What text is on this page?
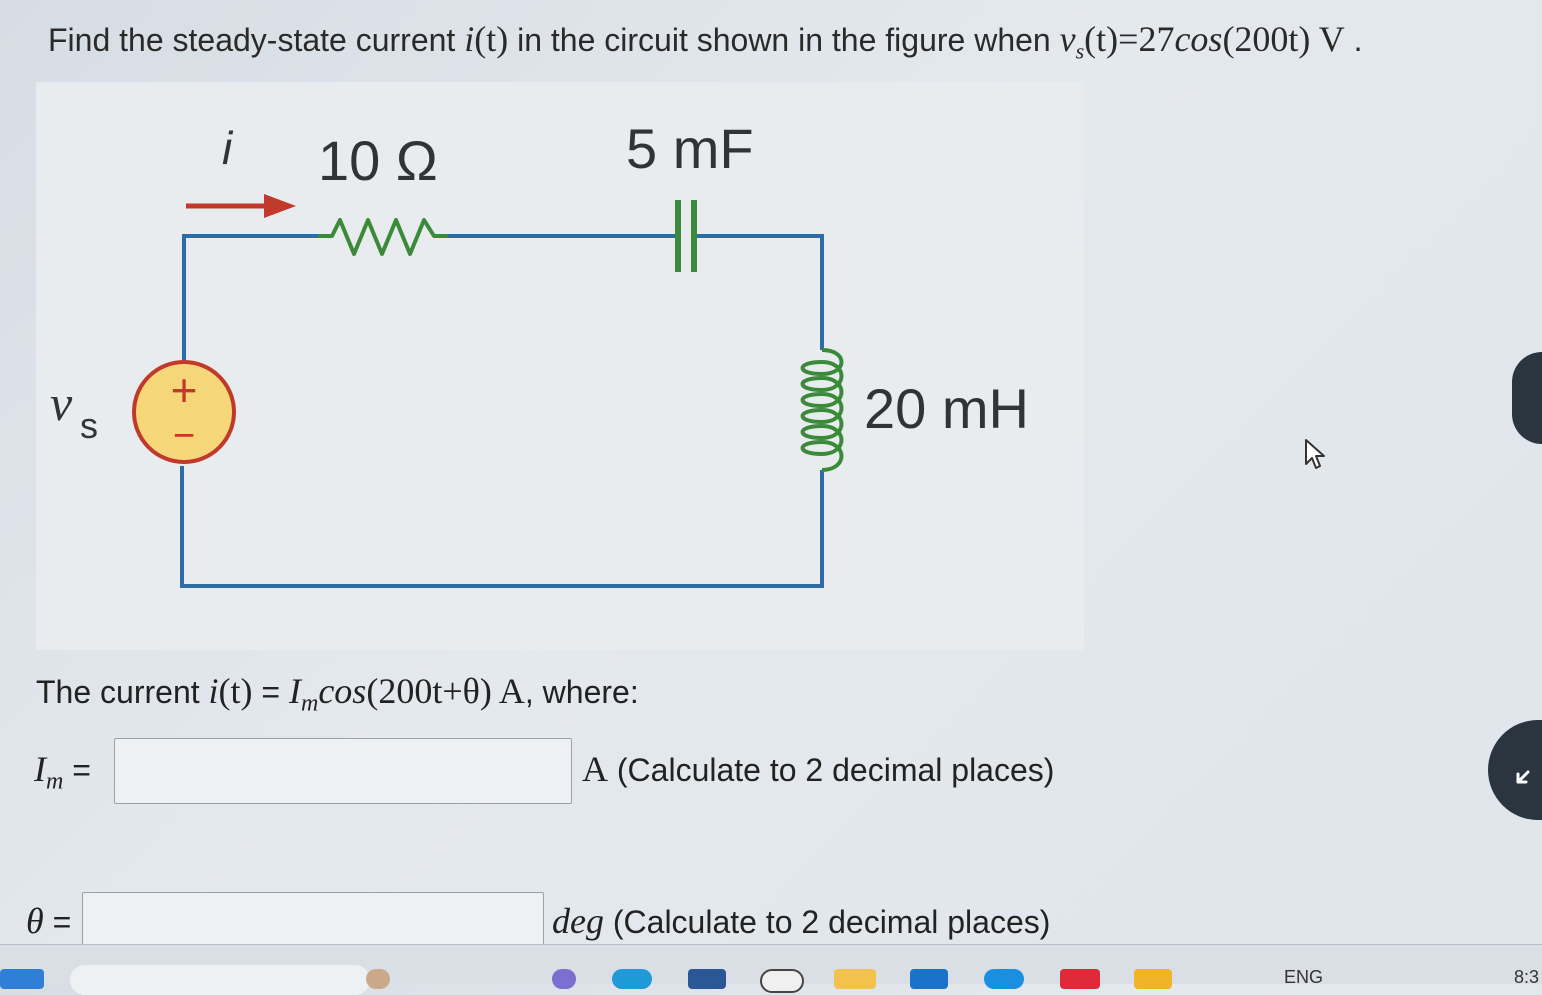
Find the steady-state current i(t) in the circuit shown in the figure when $v_s(t)=27\cos(200t)$ V .
i 10 Ω	5 mF
20 mH
+
−
v s
The current $i(t) = I_m\cos(200t+\theta)$ A, where:
$I_m$ =	A (Calculate to 2 decimal places)
θ =	deg (Calculate to 2 decimal places)
ENG	8:3
